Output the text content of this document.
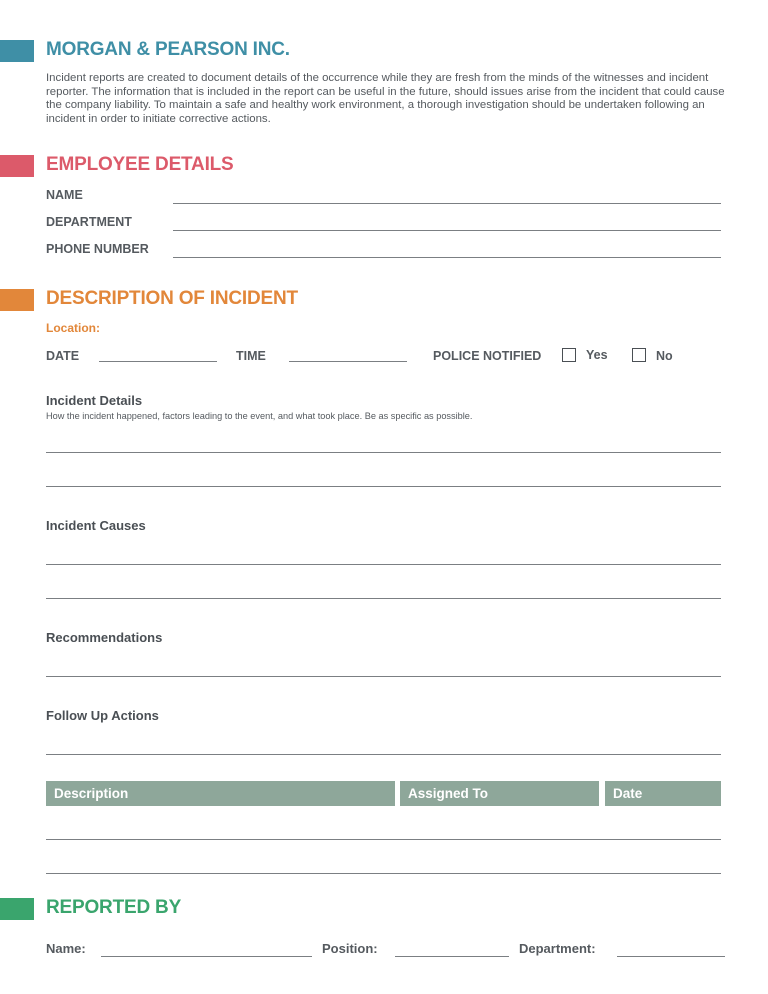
MORGAN & PEARSON INC.
Incident reports are created to document details of the occurrence while they are fresh from the minds of the witnesses and incident reporter. The information that is included in the report can be useful in the future, should issues arise from the incident that could cause the company liability. To maintain a safe and healthy work environment, a thorough investigation should be undertaken following an incident in order to initiate corrective actions.
EMPLOYEE DETAILS
NAME
DEPARTMENT
PHONE NUMBER
DESCRIPTION OF INCIDENT
Location:
DATE	TIME	POLICE NOTIFIED	Yes	No
Incident Details
How the incident happened, factors leading to the event, and what took place. Be as specific as possible.
Incident Causes
Recommendations
Follow Up Actions
Description	Assigned To	Date
REPORTED BY
Name:	Position:	Department:
